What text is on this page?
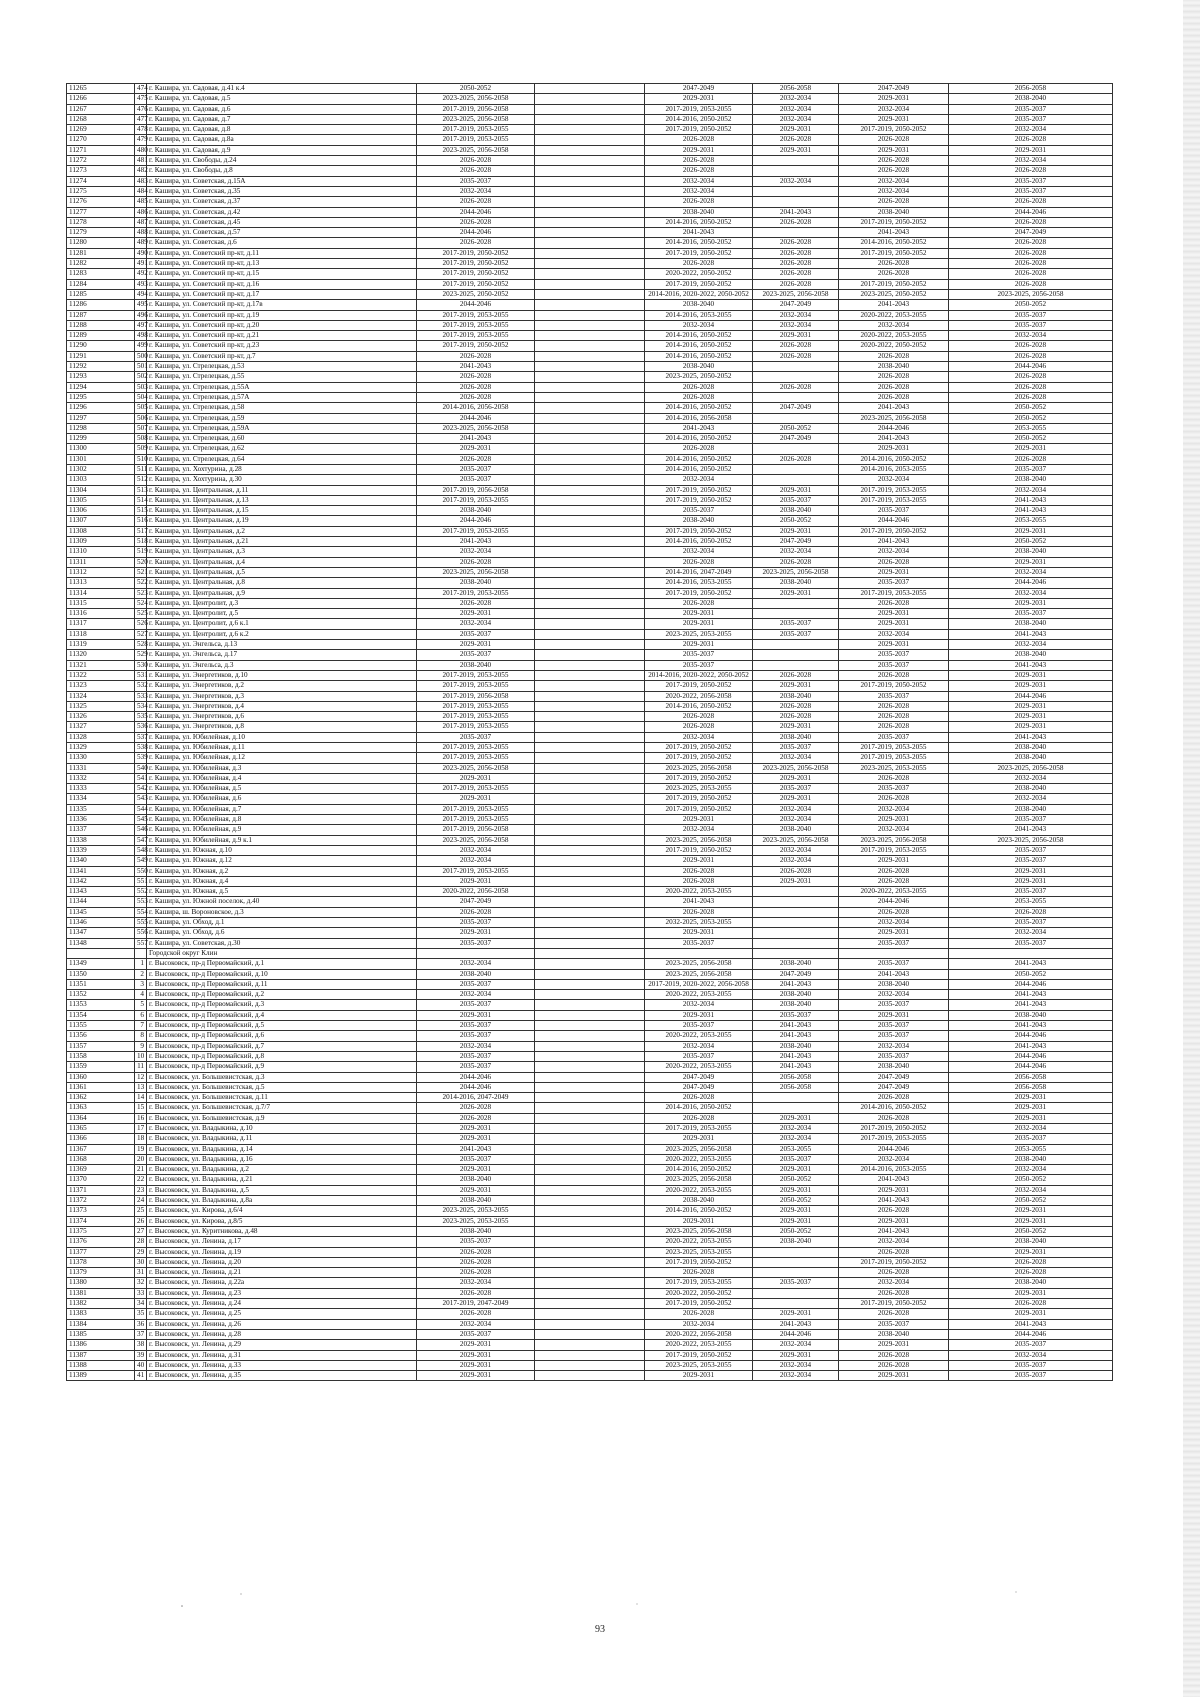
11265	474	г. Кашира, ул. Садовая, д.41 к.4	2050-2052		2047-2049	2056-2058	2047-2049	2056-2058
11266	475	г. Кашира, ул. Садовая, д.5	2023-2025, 2056-2058		2029-2031	2032-2034	2029-2031	2038-2040
11267	476	г. Кашира, ул. Садовая, д.6	2017-2019, 2056-2058		2017-2019, 2053-2055	2032-2034	2032-2034	2035-2037
11268	477	г. Кашира, ул. Садовая, д.7	2023-2025, 2056-2058		2014-2016, 2050-2052	2032-2034	2029-2031	2035-2037
11269	478	г. Кашира, ул. Садовая, д.8	2017-2019, 2053-2055		2017-2019, 2050-2052	2029-2031	2017-2019, 2050-2052	2032-2034
11270	479	г. Кашира, ул. Садовая, д.8а	2017-2019, 2053-2055		2026-2028	2026-2028	2026-2028	2026-2028
11271	480	г. Кашира, ул. Садовая, д.9	2023-2025, 2056-2058		2029-2031	2029-2031	2029-2031	2029-2031
11272	481	г. Кашира, ул. Свободы, д.24	2026-2028		2026-2028		2026-2028	2032-2034
11273	482	г. Кашира, ул. Свободы, д.8	2026-2028		2026-2028		2026-2028	2026-2028
11274	483	г. Кашира, ул. Советская, д.15А	2035-2037		2032-2034	2032-2034	2032-2034	2035-2037
11275	484	г. Кашира, ул. Советская, д.35	2032-2034		2032-2034		2032-2034	2035-2037
11276	485	г. Кашира, ул. Советская, д.37	2026-2028		2026-2028		2026-2028	2026-2028
11277	486	г. Кашира, ул. Советская, д.42	2044-2046		2038-2040	2041-2043	2038-2040	2044-2046
11278	487	г. Кашира, ул. Советская, д.45	2026-2028		2014-2016, 2050-2052	2026-2028	2017-2019, 2050-2052	2026-2028
11279	488	г. Кашира, ул. Советская, д.57	2044-2046		2041-2043		2041-2043	2047-2049
11280	489	г. Кашира, ул. Советская, д.6	2026-2028		2014-2016, 2050-2052	2026-2028	2014-2016, 2050-2052	2026-2028
11281	490	г. Кашира, ул. Советский пр-кт, д.11	2017-2019, 2050-2052		2017-2019, 2050-2052	2026-2028	2017-2019, 2050-2052	2026-2028
11282	491	г. Кашира, ул. Советский пр-кт, д.13	2017-2019, 2050-2052		2026-2028	2026-2028	2026-2028	2026-2028
11283	492	г. Кашира, ул. Советский пр-кт, д.15	2017-2019, 2050-2052		2020-2022, 2050-2052	2026-2028	2026-2028	2026-2028
11284	493	г. Кашира, ул. Советский пр-кт, д.16	2017-2019, 2050-2052		2017-2019, 2050-2052	2026-2028	2017-2019, 2050-2052	2026-2028
11285	494	г. Кашира, ул. Советский пр-кт, д.17	2023-2025, 2050-2052		2014-2016, 2020-2022, 2050-2052	2023-2025, 2056-2058	2023-2025, 2050-2052	2023-2025, 2056-2058
11286	495	г. Кашира, ул. Советский пр-кт, д.17в	2044-2046		2038-2040	2047-2049	2041-2043	2050-2052
11287	496	г. Кашира, ул. Советский пр-кт, д.19	2017-2019, 2053-2055		2014-2016, 2053-2055	2032-2034	2020-2022, 2053-2055	2035-2037
11288	497	г. Кашира, ул. Советский пр-кт, д.20	2017-2019, 2053-2055		2032-2034	2032-2034	2032-2034	2035-2037
11289	498	г. Кашира, ул. Советский пр-кт, д.21	2017-2019, 2053-2055		2014-2016, 2050-2052	2029-2031	2020-2022, 2053-2055	2032-2034
11290	499	г. Кашира, ул. Советский пр-кт, д.23	2017-2019, 2050-2052		2014-2016, 2050-2052	2026-2028	2020-2022, 2050-2052	2026-2028
11291	500	г. Кашира, ул. Советский пр-кт, д.7	2026-2028		2014-2016, 2050-2052	2026-2028	2026-2028	2026-2028
11292	501	г. Кашира, ул. Стрелецкая, д.53	2041-2043		2038-2040		2038-2040	2044-2046
11293	502	г. Кашира, ул. Стрелецкая, д.55	2026-2028		2023-2025, 2050-2052		2026-2028	2026-2028
11294	503	г. Кашира, ул. Стрелецкая, д.55А	2026-2028		2026-2028	2026-2028	2026-2028	2026-2028
11295	504	г. Кашира, ул. Стрелецкая, д.57А	2026-2028		2026-2028		2026-2028	2026-2028
11296	505	г. Кашира, ул. Стрелецкая, д.58	2014-2016, 2056-2058		2014-2016, 2050-2052	2047-2049	2041-2043	2050-2052
11297	506	г. Кашира, ул. Стрелецкая, д.59	2044-2046		2014-2016, 2056-2058		2023-2025, 2056-2058	2050-2052
11298	507	г. Кашира, ул. Стрелецкая, д.59А	2023-2025, 2056-2058		2041-2043	2050-2052	2044-2046	2053-2055
11299	508	г. Кашира, ул. Стрелецкая, д.60	2041-2043		2014-2016, 2050-2052	2047-2049	2041-2043	2050-2052
11300	509	г. Кашира, ул. Стрелецкая, д.62	2029-2031		2026-2028		2029-2031	2029-2031
11301	510	г. Кашира, ул. Стрелецкая, д.64	2026-2028		2014-2016, 2050-2052	2026-2028	2014-2016, 2050-2052	2026-2028
11302	511	г. Кашира, ул. Хохтурина, д.28	2035-2037		2014-2016, 2050-2052		2014-2016, 2053-2055	2035-2037
11303	512	г. Кашира, ул. Хохтурина, д.30	2035-2037		2032-2034		2032-2034	2038-2040
11304	513	г. Кашира, ул. Центральная, д.11	2017-2019, 2056-2058		2017-2019, 2050-2052	2029-2031	2017-2019, 2053-2055	2032-2034
11305	514	г. Кашира, ул. Центральная, д.13	2017-2019, 2053-2055		2017-2019, 2050-2052	2035-2037	2017-2019, 2053-2055	2041-2043
11306	515	г. Кашира, ул. Центральная, д.15	2038-2040		2035-2037	2038-2040	2035-2037	2041-2043
11307	516	г. Кашира, ул. Центральная, д.19	2044-2046		2038-2040	2050-2052	2044-2046	2053-2055
11308	517	г. Кашира, ул. Центральная, д.2	2017-2019, 2053-2055		2017-2019, 2050-2052	2029-2031	2017-2019, 2050-2052	2029-2031
11309	518	г. Кашира, ул. Центральная, д.21	2041-2043		2014-2016, 2050-2052	2047-2049	2041-2043	2050-2052
11310	519	г. Кашира, ул. Центральная, д.3	2032-2034		2032-2034	2032-2034	2032-2034	2038-2040
11311	520	г. Кашира, ул. Центральная, д.4	2026-2028		2026-2028	2026-2028	2026-2028	2029-2031
11312	521	г. Кашира, ул. Центральная, д.5	2023-2025, 2056-2058		2014-2016, 2047-2049	2023-2025, 2056-2058	2029-2031	2032-2034
11313	522	г. Кашира, ул. Центральная, д.8	2038-2040		2014-2016, 2053-2055	2038-2040	2035-2037	2044-2046
11314	523	г. Кашира, ул. Центральная, д.9	2017-2019, 2053-2055		2017-2019, 2050-2052	2029-2031	2017-2019, 2053-2055	2032-2034
11315	524	г. Кашира, ул. Центролит, д.3	2026-2028		2026-2028		2026-2028	2029-2031
11316	525	г. Кашира, ул. Центролит, д.5	2029-2031		2029-2031		2029-2031	2035-2037
11317	526	г. Кашира, ул. Центролит, д.6 к.1	2032-2034		2029-2031	2035-2037	2029-2031	2038-2040
11318	527	г. Кашира, ул. Центролит, д.6 к.2	2035-2037		2023-2025, 2053-2055	2035-2037	2032-2034	2041-2043
11319	528	г. Кашира, ул. Энгельса, д.13	2029-2031		2029-2031		2029-2031	2032-2034
11320	529	г. Кашира, ул. Энгельса, д.17	2035-2037		2035-2037		2035-2037	2038-2040
11321	530	г. Кашира, ул. Энгельса, д.3	2038-2040		2035-2037		2035-2037	2041-2043
11322	531	г. Кашира, ул. Энергетиков, д.10	2017-2019, 2053-2055		2014-2016, 2020-2022, 2050-2052	2026-2028	2026-2028	2029-2031
11323	532	г. Кашира, ул. Энергетиков, д.2	2017-2019, 2053-2055		2017-2019, 2050-2052	2029-2031	2017-2019, 2050-2052	2029-2031
11324	533	г. Кашира, ул. Энергетиков, д.3	2017-2019, 2056-2058		2020-2022, 2056-2058	2038-2040	2035-2037	2044-2046
11325	534	г. Кашира, ул. Энергетиков, д.4	2017-2019, 2053-2055		2014-2016, 2050-2052	2026-2028	2026-2028	2029-2031
11326	535	г. Кашира, ул. Энергетиков, д.6	2017-2019, 2053-2055		2026-2028	2026-2028	2026-2028	2029-2031
11327	536	г. Кашира, ул. Энергетиков, д.8	2017-2019, 2053-2055		2026-2028	2029-2031	2026-2028	2029-2031
11328	537	г. Кашира, ул. Юбилейная, д.10	2035-2037		2032-2034	2038-2040	2035-2037	2041-2043
11329	538	г. Кашира, ул. Юбилейная, д.11	2017-2019, 2053-2055		2017-2019, 2050-2052	2035-2037	2017-2019, 2053-2055	2038-2040
11330	539	г. Кашира, ул. Юбилейная, д.12	2017-2019, 2053-2055		2017-2019, 2050-2052	2032-2034	2017-2019, 2053-2055	2038-2040
11331	540	г. Кашира, ул. Юбилейная, д.3	2023-2025, 2056-2058		2023-2025, 2056-2058	2023-2025, 2056-2058	2023-2025, 2053-2055	2023-2025, 2056-2058
11332	541	г. Кашира, ул. Юбилейная, д.4	2029-2031		2017-2019, 2050-2052	2029-2031	2026-2028	2032-2034
11333	542	г. Кашира, ул. Юбилейная, д.5	2017-2019, 2053-2055		2023-2025, 2053-2055	2035-2037	2035-2037	2038-2040
11334	543	г. Кашира, ул. Юбилейная, д.6	2029-2031		2017-2019, 2050-2052	2029-2031	2026-2028	2032-2034
11335	544	г. Кашира, ул. Юбилейная, д.7	2017-2019, 2053-2055		2017-2019, 2050-2052	2032-2034	2032-2034	2038-2040
11336	545	г. Кашира, ул. Юбилейная, д.8	2017-2019, 2053-2055		2029-2031	2032-2034	2029-2031	2035-2037
11337	546	г. Кашира, ул. Юбилейная, д.9	2017-2019, 2056-2058		2032-2034	2038-2040	2032-2034	2041-2043
11338	547	г. Кашира, ул. Юбилейная, д.9 к.1	2023-2025, 2056-2058		2023-2025, 2056-2058	2023-2025, 2056-2058	2023-2025, 2056-2058	2023-2025, 2056-2058
11339	548	г. Кашира, ул. Южная, д.10	2032-2034		2017-2019, 2050-2052	2032-2034	2017-2019, 2053-2055	2035-2037
11340	549	г. Кашира, ул. Южная, д.12	2032-2034		2029-2031	2032-2034	2029-2031	2035-2037
11341	550	г. Кашира, ул. Южная, д.2	2017-2019, 2053-2055		2026-2028	2026-2028	2026-2028	2029-2031
11342	551	г. Кашира, ул. Южная, д.4	2029-2031		2026-2028	2029-2031	2026-2028	2029-2031
11343	552	г. Кашира, ул. Южная, д.5	2020-2022, 2056-2058		2020-2022, 2053-2055		2020-2022, 2053-2055	2035-2037
11344	553	г. Кашира, ул. Южной поселок, д.40	2047-2049		2041-2043		2044-2046	2053-2055
11345	554	г. Кашира, ш. Вороновское, д.3	2026-2028		2026-2028		2026-2028	2026-2028
11346	555	г. Кашира, ул. Обход, д.1	2035-2037		2032-2025, 2053-2055		2032-2034	2035-2037
11347	556	г. Кашира, ул. Обход, д.6	2029-2031		2029-2031		2029-2031	2032-2034
11348	557	г. Кашира, ул. Советская, д.30	2035-2037		2035-2037		2035-2037	2035-2037
		Городской округ Клин						
11349	1	г. Высоковск, пр-д Первомайский, д.1	2032-2034		2023-2025, 2056-2058	2038-2040	2035-2037	2041-2043
11350	2	г. Высоковск, пр-д Первомайский, д.10	2038-2040		2023-2025, 2056-2058	2047-2049	2041-2043	2050-2052
11351	3	г. Высоковск, пр-д Первомайский, д.11	2035-2037		2017-2019, 2020-2022, 2056-2058	2041-2043	2038-2040	2044-2046
11352	4	г. Высоковск, пр-д Первомайский, д.2	2032-2034		2020-2022, 2053-2055	2038-2040	2032-2034	2041-2043
11353	5	г. Высоковск, пр-д Первомайский, д.3	2035-2037		2032-2034	2038-2040	2035-2037	2041-2043
11354	6	г. Высоковск, пр-д Первомайский, д.4	2029-2031		2029-2031	2035-2037	2029-2031	2038-2040
11355	7	г. Высоковск, пр-д Первомайский, д.5	2035-2037		2035-2037	2041-2043	2035-2037	2041-2043
11356	8	г. Высоковск, пр-д Первомайский, д.6	2035-2037		2020-2022, 2053-2055	2041-2043	2035-2037	2044-2046
11357	9	г. Высоковск, пр-д Первомайский, д.7	2032-2034		2032-2034	2038-2040	2032-2034	2041-2043
11358	10	г. Высоковск, пр-д Первомайский, д.8	2035-2037		2035-2037	2041-2043	2035-2037	2044-2046
11359	11	г. Высоковск, пр-д Первомайский, д.9	2035-2037		2020-2022, 2053-2055	2041-2043	2038-2040	2044-2046
11360	12	г. Высоковск, ул. Большевистская, д.3	2044-2046		2047-2049	2056-2058	2047-2049	2056-2058
11361	13	г. Высоковск, ул. Большевистская, д.5	2044-2046		2047-2049	2056-2058	2047-2049	2056-2058
11362	14	г. Высоковск, ул. Большевистская, д.11	2014-2016, 2047-2049		2026-2028		2026-2028	2029-2031
11363	15	г. Высоковск, ул. Большевистская, д.7/7	2026-2028		2014-2016, 2050-2052		2014-2016, 2050-2052	2029-2031
11364	16	г. Высоковск, ул. Большевистская, д.9	2026-2028		2026-2028	2029-2031	2026-2028	2029-2031
11365	17	г. Высоковск, ул. Владыкина, д.10	2029-2031		2017-2019, 2053-2055	2032-2034	2017-2019, 2050-2052	2032-2034
11366	18	г. Высоковск, ул. Владыкина, д.11	2029-2031		2029-2031	2032-2034	2017-2019, 2053-2055	2035-2037
11367	19	г. Высоковск, ул. Владыкина, д.14	2041-2043		2023-2025, 2056-2058	2053-2055	2044-2046	2053-2055
11368	20	г. Высоковск, ул. Владыкина, д.16	2035-2037		2020-2022, 2053-2055	2035-2037	2032-2034	2038-2040
11369	21	г. Высоковск, ул. Владыкина, д.2	2029-2031		2014-2016, 2050-2052	2029-2031	2014-2016, 2053-2055	2032-2034
11370	22	г. Высоковск, ул. Владыкина, д.21	2038-2040		2023-2025, 2056-2058	2050-2052	2041-2043	2050-2052
11371	23	г. Высоковск, ул. Владыкина, д.5	2029-2031		2020-2022, 2053-2055	2029-2031	2029-2031	2032-2034
11372	24	г. Высоковск, ул. Владыкина, д.8а	2038-2040		2038-2040	2050-2052	2041-2043	2050-2052
11373	25	г. Высоковск, ул. Кирова, д.6/4	2023-2025, 2053-2055		2014-2016, 2050-2052	2029-2031	2026-2028	2029-2031
11374	26	г. Высоковск, ул. Кирова, д.8/5	2023-2025, 2053-2055		2029-2031	2029-2031	2029-2031	2029-2031
11375	27	г. Высоковск, ул. Куритникова, д.48	2038-2040		2023-2025, 2056-2058	2050-2052	2041-2043	2050-2052
11376	28	г. Высоковск, ул. Ленина, д.17	2035-2037		2020-2022, 2053-2055	2038-2040	2032-2034	2038-2040
11377	29	г. Высоковск, ул. Ленина, д.19	2026-2028		2023-2025, 2053-2055		2026-2028	2029-2031
11378	30	г. Высоковск, ул. Ленина, д.20	2026-2028		2017-2019, 2050-2052		2017-2019, 2050-2052	2026-2028
11379	31	г. Высоковск, ул. Ленина, д.21	2026-2028		2026-2028		2026-2028	2026-2028
11380	32	г. Высоковск, ул. Ленина, д.22а	2032-2034		2017-2019, 2053-2055	2035-2037	2032-2034	2038-2040
11381	33	г. Высоковск, ул. Ленина, д.23	2026-2028		2020-2022, 2050-2052		2026-2028	2029-2031
11382	34	г. Высоковск, ул. Ленина, д.24	2017-2019, 2047-2049		2017-2019, 2050-2052		2017-2019, 2050-2052	2026-2028
11383	35	г. Высоковск, ул. Ленина, д.25	2026-2028		2026-2028	2029-2031	2026-2028	2029-2031
11384	36	г. Высоковск, ул. Ленина, д.26	2032-2034		2032-2034	2041-2043	2035-2037	2041-2043
11385	37	г. Высоковск, ул. Ленина, д.28	2035-2037		2020-2022, 2056-2058	2044-2046	2038-2040	2044-2046
11386	38	г. Высоковск, ул. Ленина, д.29	2029-2031		2020-2022, 2053-2055	2032-2034	2029-2031	2035-2037
11387	39	г. Высоковск, ул. Ленина, д.31	2029-2031		2017-2019, 2050-2052	2029-2031	2026-2028	2032-2034
11388	40	г. Высоковск, ул. Ленина, д.33	2029-2031		2023-2025, 2053-2055	2032-2034	2026-2028	2035-2037
11389	41	г. Высоковск, ул. Ленина, д.35	2029-2031		2029-2031	2032-2034	2029-2031	2035-2037
93
